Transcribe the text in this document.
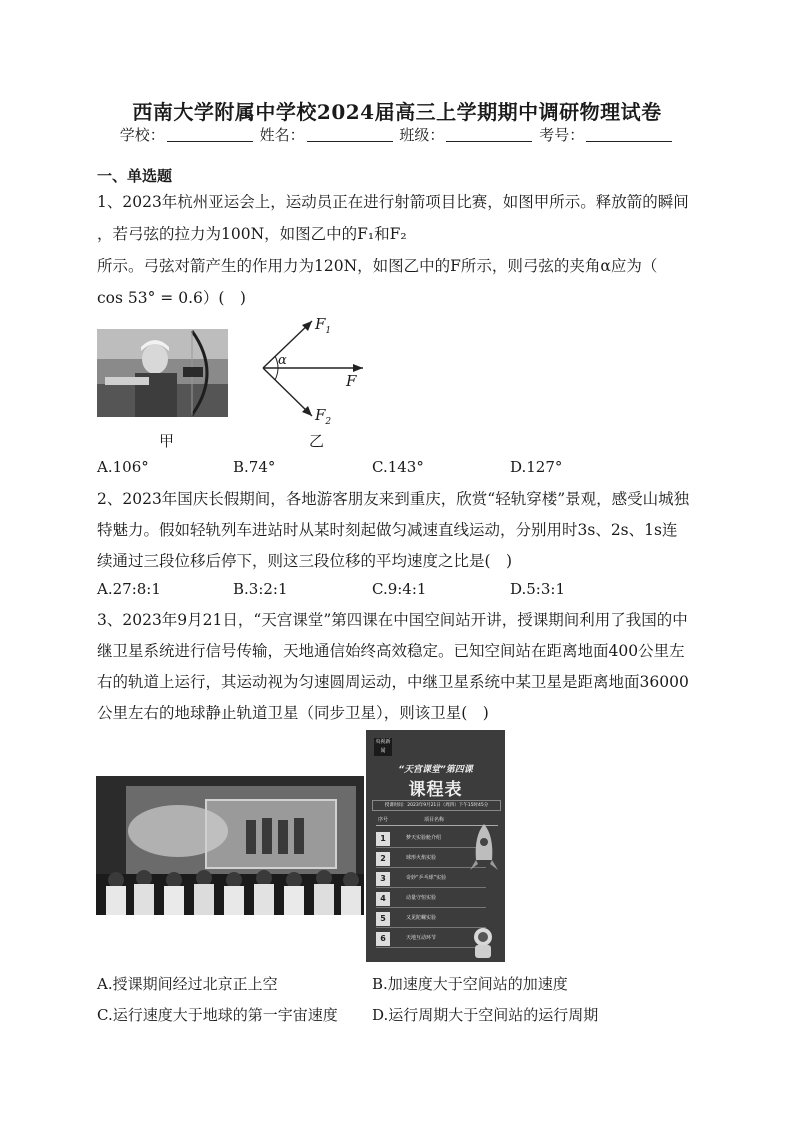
西南大学附属中学校2024届高三上学期期中调研物理试卷
学校：	姓名：	班级：	考号：
一、单选题
1、2023年杭州亚运会上，运动员正在进行射箭项目比赛，如图甲所示。释放箭的瞬间
，若弓弦的拉力为100N，如图乙中的F₁和F₂
所示。弓弦对箭产生的作用力为120N，如图乙中的F所示，则弓弦的夹角α应为（
cos 53° = 0.6）(　)
$F_1$
$F_2$
F
α
甲	乙
A.106°	B.74°	C.143°	D.127°
2、2023年国庆长假期间，各地游客朋友来到重庆，欣赏“轻轨穿楼”景观，感受山城独
特魅力。假如轻轨列车进站时从某时刻起做匀减速直线运动，分别用时3s、2s、1s连
续通过三段位移后停下，则这三段位移的平均速度之比是(　)
A.27:8:1	B.3:2:1	C.9:4:1	D.5:3:1
3、2023年9月21日，“天宫课堂”第四课在中国空间站开讲，授课期间利用了我国的中
继卫星系统进行信号传输，天地通信始终高效稳定。已知空间站在距离地面400公里左
右的轨道上运行，其运动视为匀速圆周运动，中继卫星系统中某卫星是距离地面36000
公里左右的地球静止轨道卫星（同步卫星），则该卫星(　)
央视新闻
“天宫课堂”第四课
课程表
授课时间：2023年9月21日（周四）下午15时45分
序号	项目名称
1	梦天实验舱介绍
2	球形火焰实验
3	奇妙“乒乓球”实验
4	动量守恒实验
5	又见陀螺实验
6	天地互动环节
A.授课期间经过北京正上空	B.加速度大于空间站的加速度
C.运行速度大于地球的第一宇宙速度 D.运行周期大于空间站的运行周期
